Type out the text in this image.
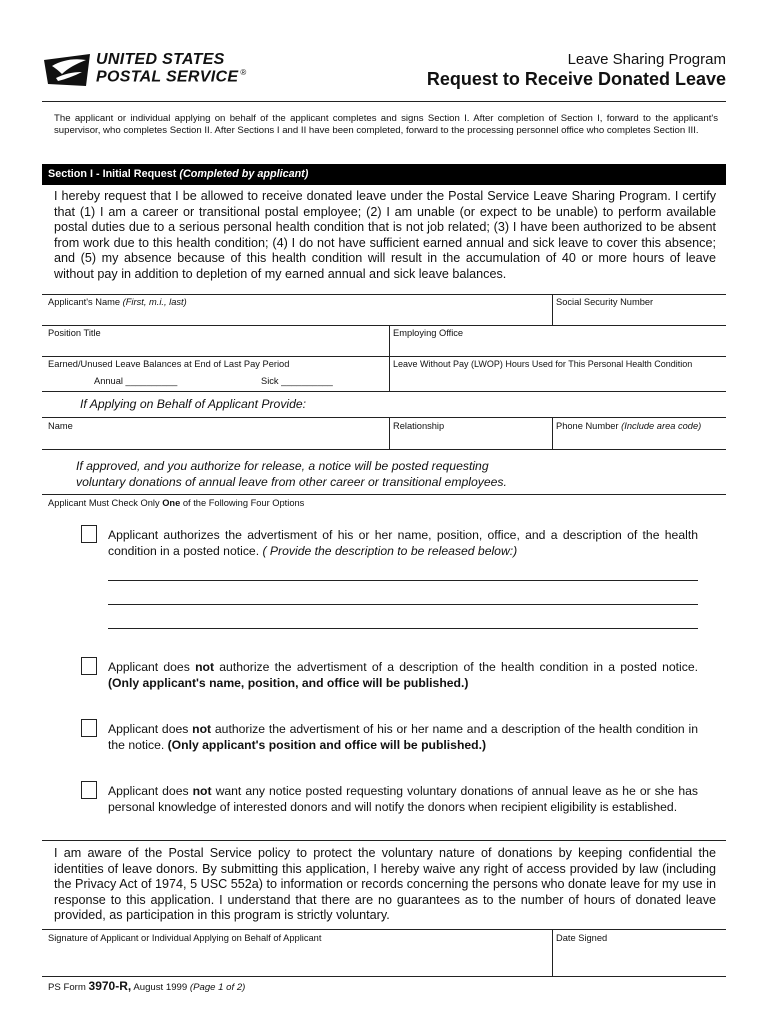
UNITED STATES
POSTAL SERVICE ®
Leave Sharing Program
Request to Receive Donated Leave
The applicant or individual applying on behalf of the applicant completes and signs Section I. After completion of Section I, forward to the applicant's supervisor, who completes Section II. After Sections I and II have been completed, forward to the processing personnel office who completes Section III.
Section I - Initial Request (Completed by applicant)
I hereby request that I be allowed to receive donated leave under the Postal Service Leave Sharing Program. I certify that (1) I am a career or transitional postal employee; (2) I am unable (or expect to be unable) to perform available postal duties due to a serious personal health condition that is not job related; (3) I have been authorized to be absent from work due to this health condition; (4) I do not have sufficient earned annual and sick leave to cover this absence; and (5) my absence because of this health condition will result in the accumulation of 40 or more hours of leave without pay in addition to depletion of my earned annual and sick leave balances.
Applicant's Name (First, m.i., last)	Social Security Number
Position Title	Employing Office
Earned/Unused Leave Balances at End of Last Pay Period
Annual __________	Sick __________
Leave Without Pay (LWOP) Hours Used for This Personal Health Condition
If Applying on Behalf of Applicant Provide:
Name	Relationship	Phone Number (Include area code)
If approved, and you authorize for release, a notice will be posted requesting
voluntary donations of annual leave from other career or transitional employees.
Applicant Must Check Only One of the Following Four Options
Applicant authorizes the advertisment of his or her name, position, office, and a description of the health condition in a posted notice. ( Provide the description to be released below:)
Applicant does not authorize the advertisment of a description of the health condition in a posted notice. (Only applicant's name, position, and office will be published.)
Applicant does not authorize the advertisment of his or her name and a description of the health condition in the notice. (Only applicant's position and office will be published.)
Applicant does not want any notice posted requesting voluntary donations of annual leave as he or she has personal knowledge of interested donors and will notify the donors when recipient eligibility is established.
I am aware of the Postal Service policy to protect the voluntary nature of donations by keeping confidential the identities of leave donors. By submitting this application, I hereby waive any right of access provided by law (including the Privacy Act of 1974, 5 USC 552a) to information or records concerning the persons who donate leave for my use in response to this application. I understand that there are no guarantees as to the number of hours of donated leave provided, as participation in this program is strictly voluntary.
Signature of Applicant or Individual Applying on Behalf of Applicant	Date Signed
PS Form 3970-R, August 1999 (Page 1 of 2)
